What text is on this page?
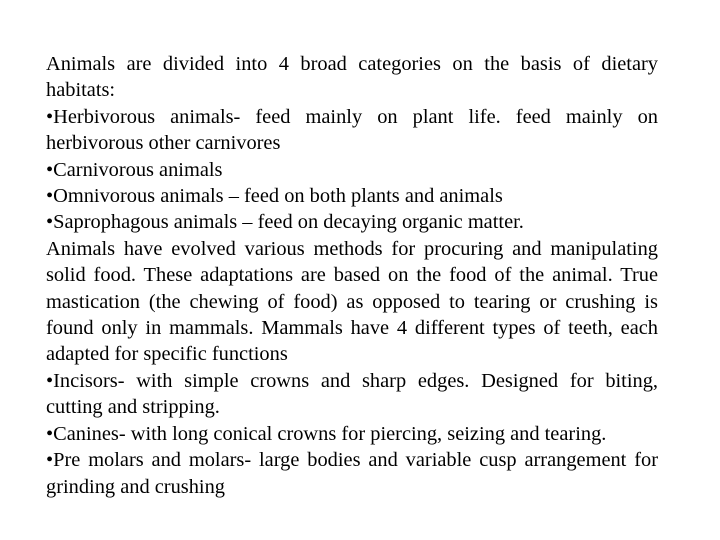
Animals are divided into 4 broad categories on the basis of dietary habitats:

•Herbivorous animals- feed mainly on plant life. feed mainly on herbivorous other carnivores

•Carnivorous animals

•Omnivorous animals – feed on both plants and animals

•Saprophagous animals – feed on decaying organic matter.

Animals have evolved various methods for procuring and manipulating solid food. These adaptations are based on the food of the animal. True mastication (the chewing of food) as opposed to tearing or crushing is found only in mammals. Mammals have 4 different types of teeth, each adapted for specific functions

•Incisors- with simple crowns and sharp edges. Designed for biting, cutting and stripping.

•Canines- with long conical crowns for piercing, seizing and tearing.

•Pre molars and molars- large bodies and variable cusp arrangement for grinding and crushing
